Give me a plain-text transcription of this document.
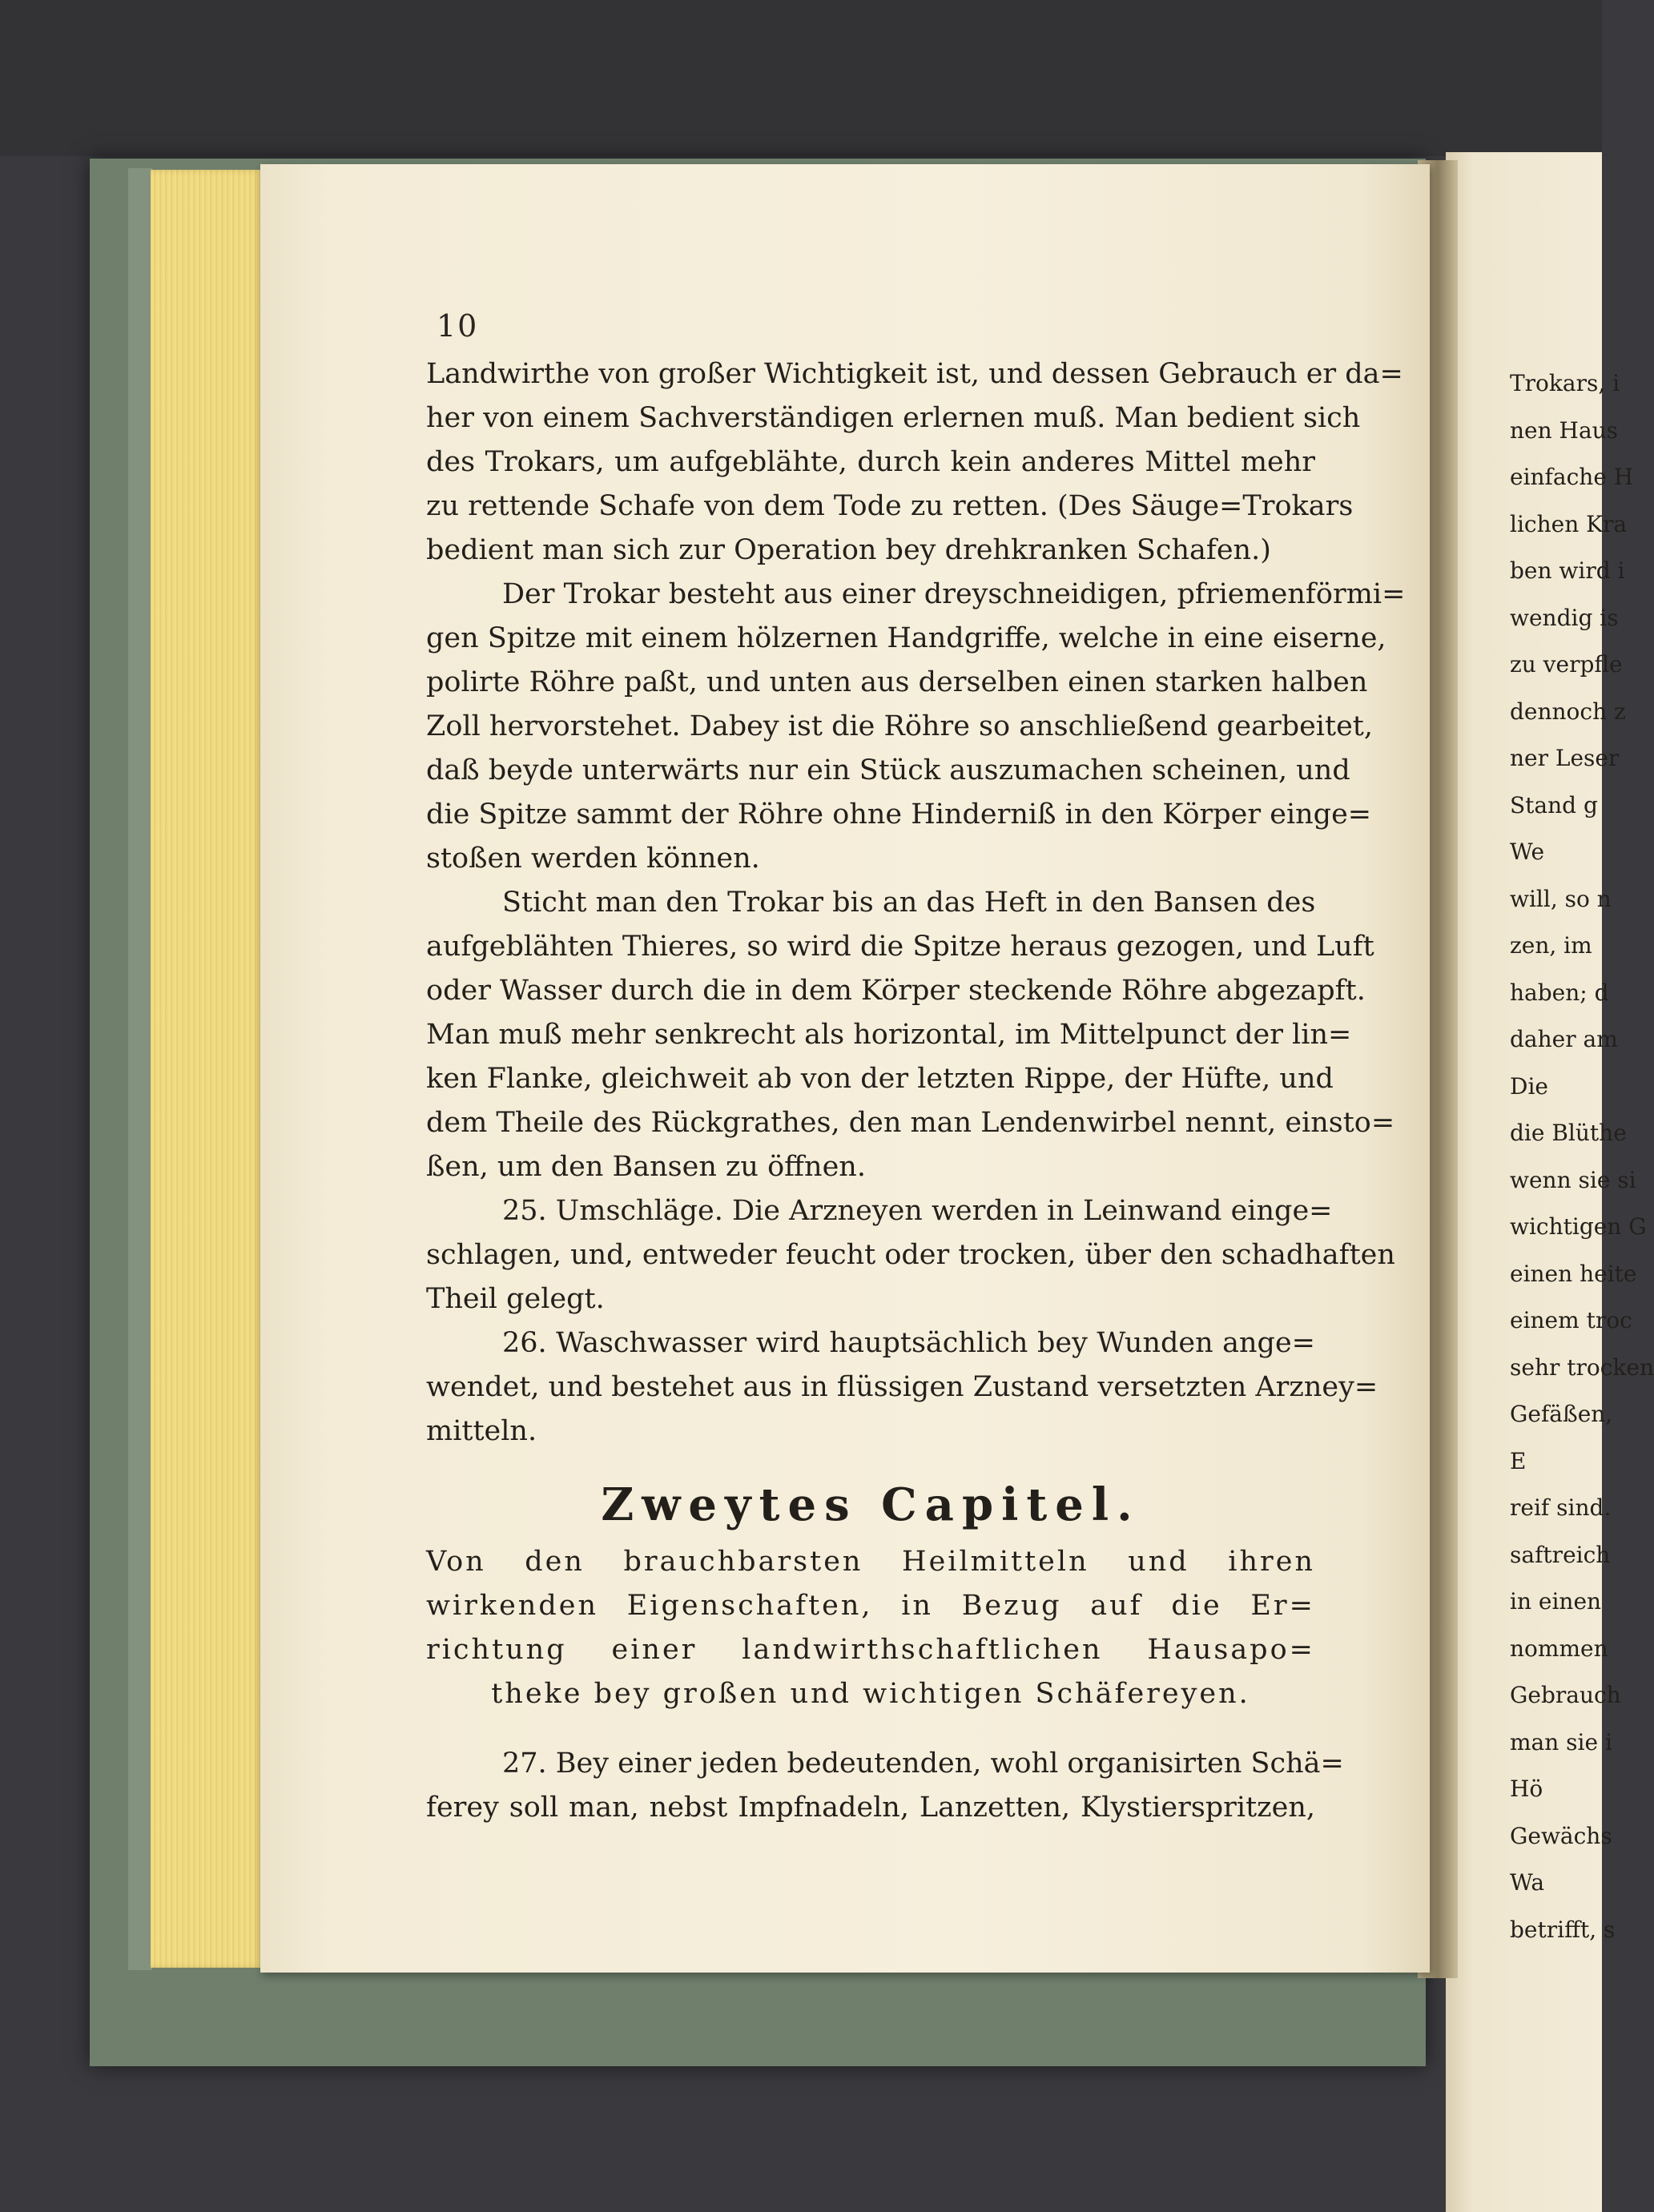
10
Landwirthe von großer Wichtigkeit ist, und dessen Gebrauch er da=
her von einem Sachverständigen erlernen muß. Man bedient sich
des Trokars, um aufgeblähte, durch kein anderes Mittel mehr
zu rettende Schafe von dem Tode zu retten. (Des Säuge=Trokars
bedient man sich zur Operation bey drehkranken Schafen.)
Der Trokar besteht aus einer dreyschneidigen, pfriemenförmi=
gen Spitze mit einem hölzernen Handgriffe, welche in eine eiserne,
polirte Röhre paßt, und unten aus derselben einen starken halben
Zoll hervorstehet. Dabey ist die Röhre so anschließend gearbeitet,
daß beyde unterwärts nur ein Stück auszumachen scheinen, und
die Spitze sammt der Röhre ohne Hinderniß in den Körper einge=
stoßen werden können.
Sticht man den Trokar bis an das Heft in den Bansen des
aufgeblähten Thieres, so wird die Spitze heraus gezogen, und Luft
oder Wasser durch die in dem Körper steckende Röhre abgezapft.
Man muß mehr senkrecht als horizontal, im Mittelpunct der lin=
ken Flanke, gleichweit ab von der letzten Rippe, der Hüfte, und
dem Theile des Rückgrathes, den man Lendenwirbel nennt, einsto=
ßen, um den Bansen zu öffnen.
25. Umschläge. Die Arzneyen werden in Leinwand einge=
schlagen, und, entweder feucht oder trocken, über den schadhaften
Theil gelegt.
26. Waschwasser wird hauptsächlich bey Wunden ange=
wendet, und bestehet aus in flüssigen Zustand versetzten Arzney=
mitteln.
Zweytes Capitel.
Von den brauchbarsten Heilmitteln und ihren
wirkenden Eigenschaften, in Bezug auf die Er=
richtung einer landwirthschaftlichen Hausapo=
theke bey großen und wichtigen Schäfereyen.
27. Bey einer jeden bedeutenden, wohl organisirten Schä=
ferey soll man, nebst Impfnadeln, Lanzetten, Klystierspritzen,
Trokars, i
nen Haus
einfache H
lichen Kra
ben wird i
wendig is
zu verpfle
dennoch z
ner Leser
Stand g
We
will, so n
zen, im
haben; d
daher am
Die
die Blüthe
wenn sie si
wichtigen G
einen heite
einem troc
sehr trocken
Gefäßen,
E
reif sind.
saftreich
in einen
nommen
Gebrauch
man sie i
Hö
Gewächs
Wa
betrifft, s
